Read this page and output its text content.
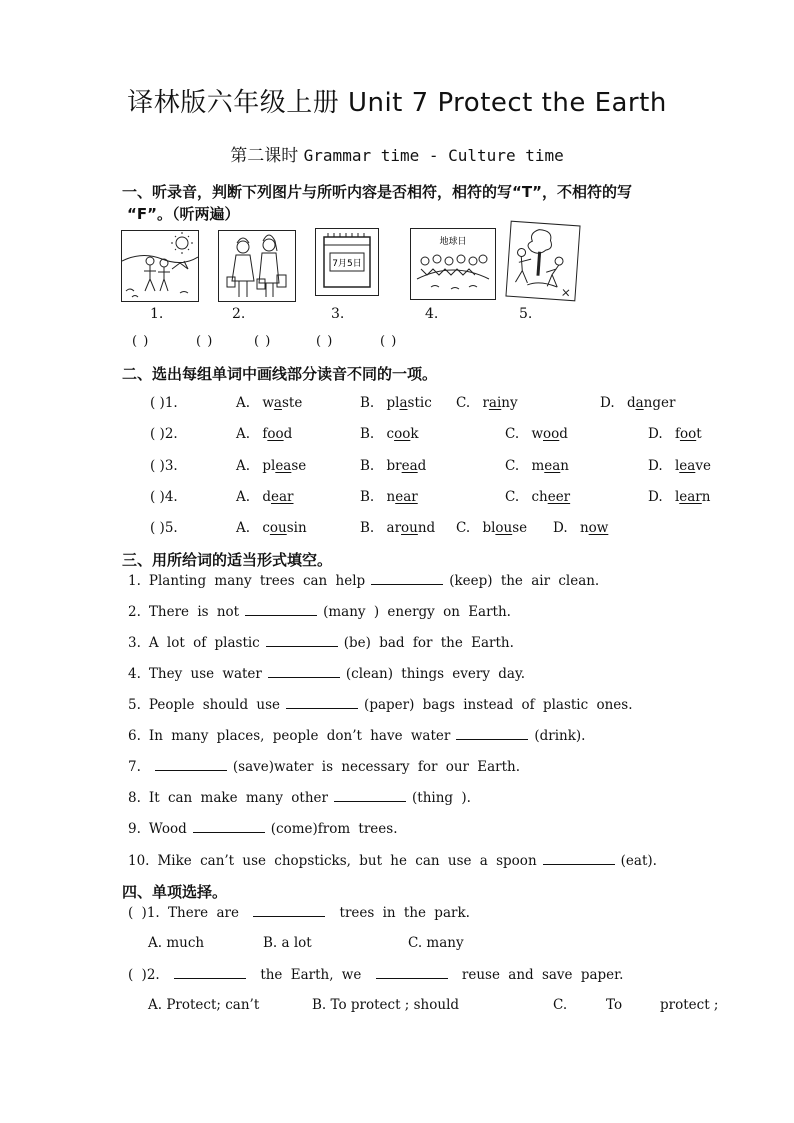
译林版六年级上册 Unit 7 Protect the Earth
第二课时 Grammar time - Culture time
一、听录音，判断下列图片与所听内容是否相符，相符的写“T”，不相符的写
“F”。（听两遍）
7月5日
地球日
1.	2.	3.	4.	5.
( )	( )	( )	( )	( )
二、选出每组单词中画线部分读音不同的一项。
( )1.	A. waste	B. plastic C. rainy	D. danger
( )2.	A. food	B. cook	C. wood	D. foot
( )3.	A. please	B. bread	C. mean	D. leave
( )4.	A. dear	B. near	C. cheer	D. learn
( )5.	A. cousin	B. around C. blouse D. now
三、用所给词的适当形式填空。
1. Planting many trees can help	(keep) the air clean.
2. There is not	(many ) energy on Earth.
3. A lot of plastic	(be) bad for the Earth.
4. They use water	(clean) things every day.
5. People should use	(paper) bags instead of plastic ones.
6. In many places, people don’t have water	(drink).
7.	(save)water is necessary for our Earth.
8. It can make many other	(thing ).
9. Wood	(come)from trees.
10. Mike can’t use chopsticks, but he can use a spoon	(eat).
四、单项选择。
( )1. There are	trees in the park.
A. much	B. a lot	C. many
( )2.	the Earth, we	reuse and save paper.
A. Protect; can’t	B. To protect ; should	C.	To	protect ;
